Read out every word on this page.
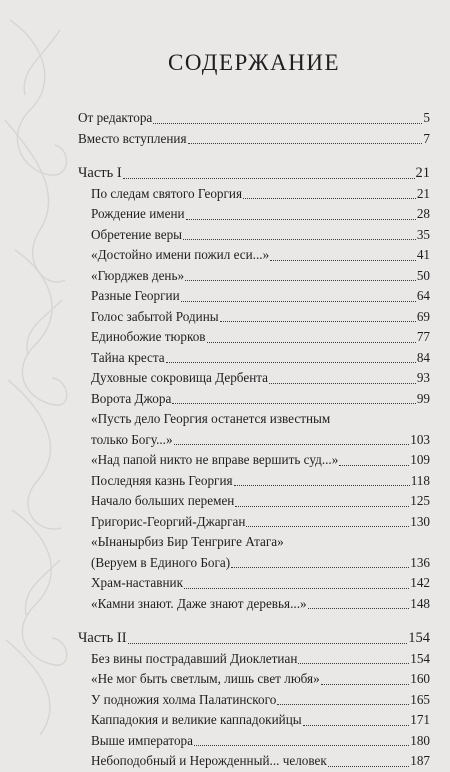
СОДЕРЖАНИЕ
От редактора	5
Вместо вступления	7
Часть I	21
По следам святого Георгия	21
Рождение имени	28
Обретение веры	35
«Достойно имени пожил еси...»	41
«Гюрджев день»	50
Разные Георгии	64
Голос забытой Родины	69
Единобожие тюрков	77
Тайна креста	84
Духовные сокровища Дербента	93
Ворота Джора	99
«Пусть дело Георгия останется известным
только Богу...»	103
«Над папой никто не вправе вершить суд...»	109
Последняя казнь Георгия	118
Начало больших перемен	125
Григорис-Георгий-Джарган	130
«Ынанырбиз Бир Тенгриге Атага»
(Веруем в Единого Бога)	136
Храм-наставник	142
«Камни знают. Даже знают деревья...»	148
Часть II	154
Без вины пострадавший Диоклетиан	154
«Не мог быть светлым, лишь свет любя»	160
У подножия холма Палатинского	165
Каппадокия и великие каппадокийцы	171
Выше императора	180
Небоподобный и Нерожденный... человек	187
